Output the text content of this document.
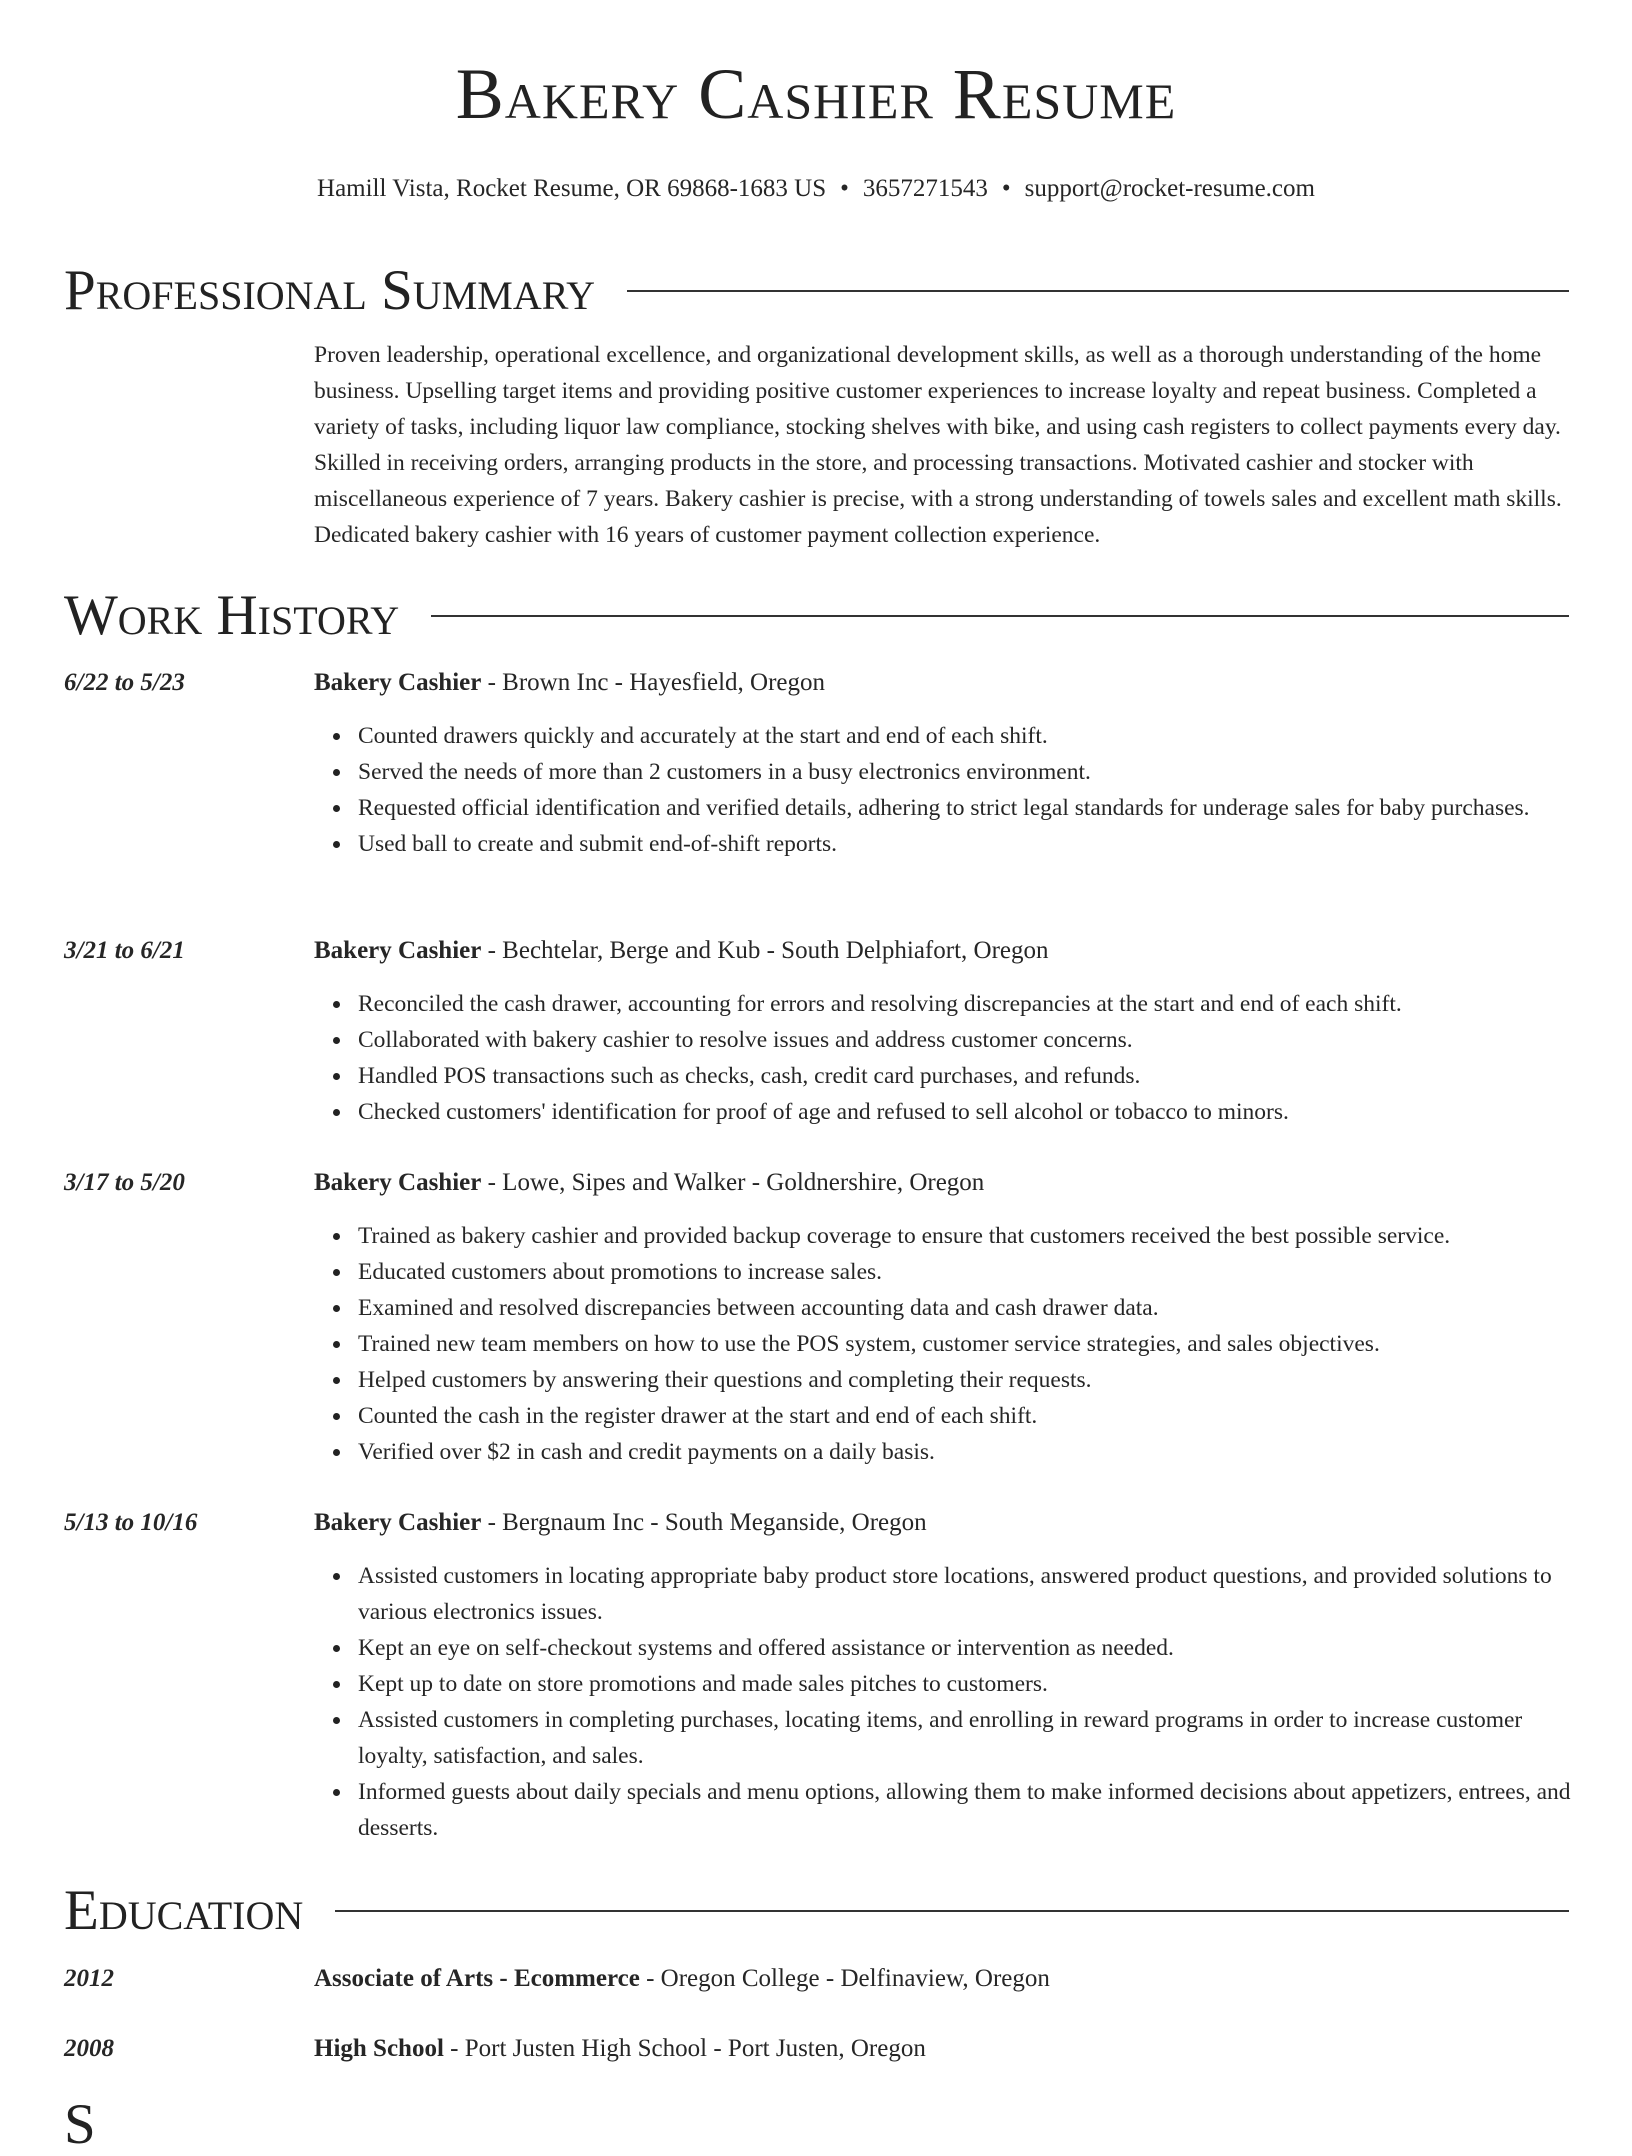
Bakery Cashier Resume
Hamill Vista, Rocket Resume, OR 69868-1683 US • 3657271543 • support@rocket-resume.com
Professional Summary
Proven leadership, operational excellence, and organizational development skills, as well as a thorough understanding of the home business. Upselling target items and providing positive customer experiences to increase loyalty and repeat business. Completed a variety of tasks, including liquor law compliance, stocking shelves with bike, and using cash registers to collect payments every day. Skilled in receiving orders, arranging products in the store, and processing transactions. Motivated cashier and stocker with miscellaneous experience of 7 years. Bakery cashier is precise, with a strong understanding of towels sales and excellent math skills. Dedicated bakery cashier with 16 years of customer payment collection experience.
Work History
6/22 to 5/23	Bakery Cashier - Brown Inc - Hayesfield, Oregon
Counted drawers quickly and accurately at the start and end of each shift.
Served the needs of more than 2 customers in a busy electronics environment.
Requested official identification and verified details, adhering to strict legal standards for underage sales for baby purchases.
Used ball to create and submit end-of-shift reports.
3/21 to 6/21	Bakery Cashier - Bechtelar, Berge and Kub - South Delphiafort, Oregon
Reconciled the cash drawer, accounting for errors and resolving discrepancies at the start and end of each shift.
Collaborated with bakery cashier to resolve issues and address customer concerns.
Handled POS transactions such as checks, cash, credit card purchases, and refunds.
Checked customers' identification for proof of age and refused to sell alcohol or tobacco to minors.
3/17 to 5/20	Bakery Cashier - Lowe, Sipes and Walker - Goldnershire, Oregon
Trained as bakery cashier and provided backup coverage to ensure that customers received the best possible service.
Educated customers about promotions to increase sales.
Examined and resolved discrepancies between accounting data and cash drawer data.
Trained new team members on how to use the POS system, customer service strategies, and sales objectives.
Helped customers by answering their questions and completing their requests.
Counted the cash in the register drawer at the start and end of each shift.
Verified over $2 in cash and credit payments on a daily basis.
5/13 to 10/16	Bakery Cashier - Bergnaum Inc - South Meganside, Oregon
Assisted customers in locating appropriate baby product store locations, answered product questions, and provided solutions to various electronics issues.
Kept an eye on self-checkout systems and offered assistance or intervention as needed.
Kept up to date on store promotions and made sales pitches to customers.
Assisted customers in completing purchases, locating items, and enrolling in reward programs in order to increase customer loyalty, satisfaction, and sales.
Informed guests about daily specials and menu options, allowing them to make informed decisions about appetizers, entrees, and desserts.
Education
2012	Associate of Arts - Ecommerce - Oregon College - Delfinaview, Oregon
2008	High School - Port Justen High School - Port Justen, Oregon
S
